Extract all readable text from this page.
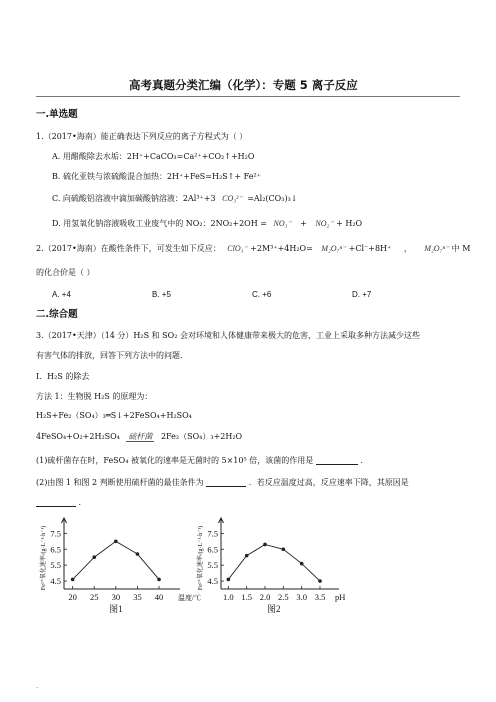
高考真题分类汇编（化学）：专题 5 离子反应
一.单选题
1.（2017•海南）能正确表达下列反应的离子方程式为（ ）
A. 用醋酸除去水垢：2H⁺+CaCO₃=Ca²⁺+CO₂↑+H₂O
B. 硫化亚铁与浓硫酸混合加热：2H⁺+FeS=H₂S↑+ Fe²⁺
C. 向硫酸铝溶液中滴加碳酸钠溶液：2Al³⁺+3 CO₃²⁻ =Al₂(CO₃)₃↓
D. 用氢氧化钠溶液吸收工业废气中的 NO₂：2NO₂+2OH = NO₃⁻ + NO₂⁻ + H₂O
2.（2017•海南）在酸性条件下，可发生如下反应： ClO₃⁻ +2M³⁺+4H₂O= M₂O₇ⁿ⁻ +Cl⁻+8H⁺ ， M₂O₇ⁿ⁻ 中 M
的化合价是（ ）
A. +4	B. +5	C. +6	D. +7
二.综合题
3.（2017•天津）（14 分）H₂S 和 SO₂ 会对环境和人体健康带来极大的危害，工业上采取多种方法减少这些
有害气体的排放，回答下列方法中的问题.
Ⅰ．H₂S 的除去
方法 1：生物脱 H₂S 的原理为：
H₂S+Fe₂（SO₄）₃═S↓+2FeSO₄+H₂SO₄
4FeSO₄+O₂+2H₂SO₄ 硫杆菌 2Fe₂（SO₄）₃+2H₂O
(1)硫杆菌存在时，FeSO₄ 被氧化的速率是无菌时的 5×10⁵ 倍，该菌的作用是	.
(2)由图 1 和图 2 判断使用硫杆菌的最佳条件为	．若反应温度过高，反应速率下降，其原因是
.
4.5
5.5
6.5
7.5
20 25 30 35 40 温度/℃
Fe²⁺氧化速率/(g·L⁻¹·h⁻¹)
图1
4.5
5.5
6.5
7.5
1.0 1.5 2.0 2.5 3.0 3.5 pH
Fe²⁺氧化速率/(g·L⁻¹·h⁻¹)
图2
-
